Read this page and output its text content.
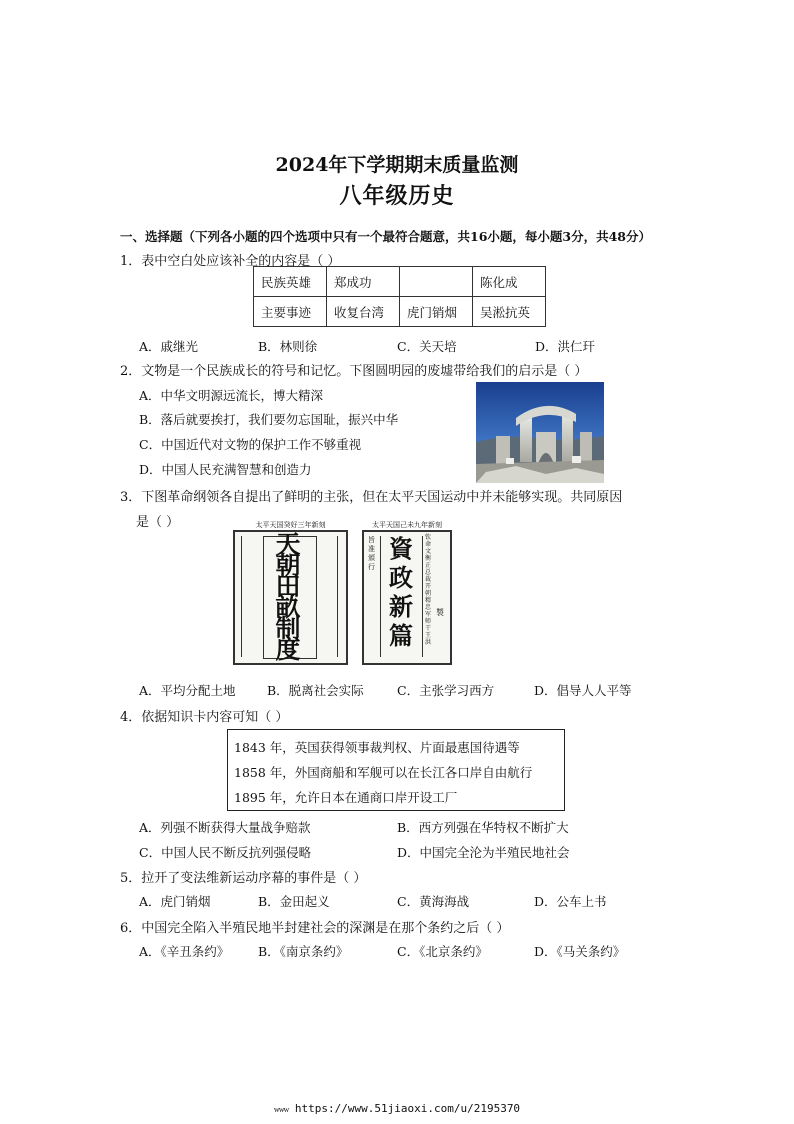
2024年下学期期末质量监测
八年级历史
一、选择题（下列各小题的四个选项中只有一个最符合题意，共16小题，每小题3分，共48分）
1．表中空白处应该补全的内容是（ ）
民族英雄	郑成功		陈化成
主要事迹	收复台湾	虎门销烟	吴淞抗英
A．戚继光	B．林则徐	C．关天培	D．洪仁玕
2．文物是一个民族成长的符号和记忆。下图圆明园的废墟带给我们的启示是（ ）
A．中华文明源远流长，博大精深
B．落后就要挨打，我们要勿忘国耻，振兴中华
C．中国近代对文物的保护工作不够重视
D．中国人民充满智慧和创造力
3．下图革命纲领各自提出了鲜明的主张，但在太平天国运动中并未能够实现。共同原因
是（ ）	太平天国癸好三年新刻
天朝田畝制度
太平天国己未九年新刻
旨准頒行
資政新篇
钦命文衡正总裁开朝精忠军师干王洪
製
A．平均分配土地	B．脱离社会实际	C．主张学习西方	D．倡导人人平等
4．依据知识卡内容可知（ ）
1843 年，英国获得领事裁判权、片面最惠国待遇等
1858 年，外国商船和军舰可以在长江各口岸自由航行
1895 年，允许日本在通商口岸开设工厂
A．列强不断获得大量战争赔款	B．西方列强在华特权不断扩大
C．中国人民不断反抗列强侵略	D．中国完全沦为半殖民地社会
5．拉开了变法维新运动序幕的事件是（ ）
A．虎门销烟	B．金田起义	C．黄海海战	D．公车上书
6．中国完全陷入半殖民地半封建社会的深渊是在那个条约之后（ ）
A．《辛丑条约》 B．《南京条约》	C．《北京条约》	D．《马关条约》
ᴡᴡᴡ https://www.51jiaoxi.com/u/2195370
